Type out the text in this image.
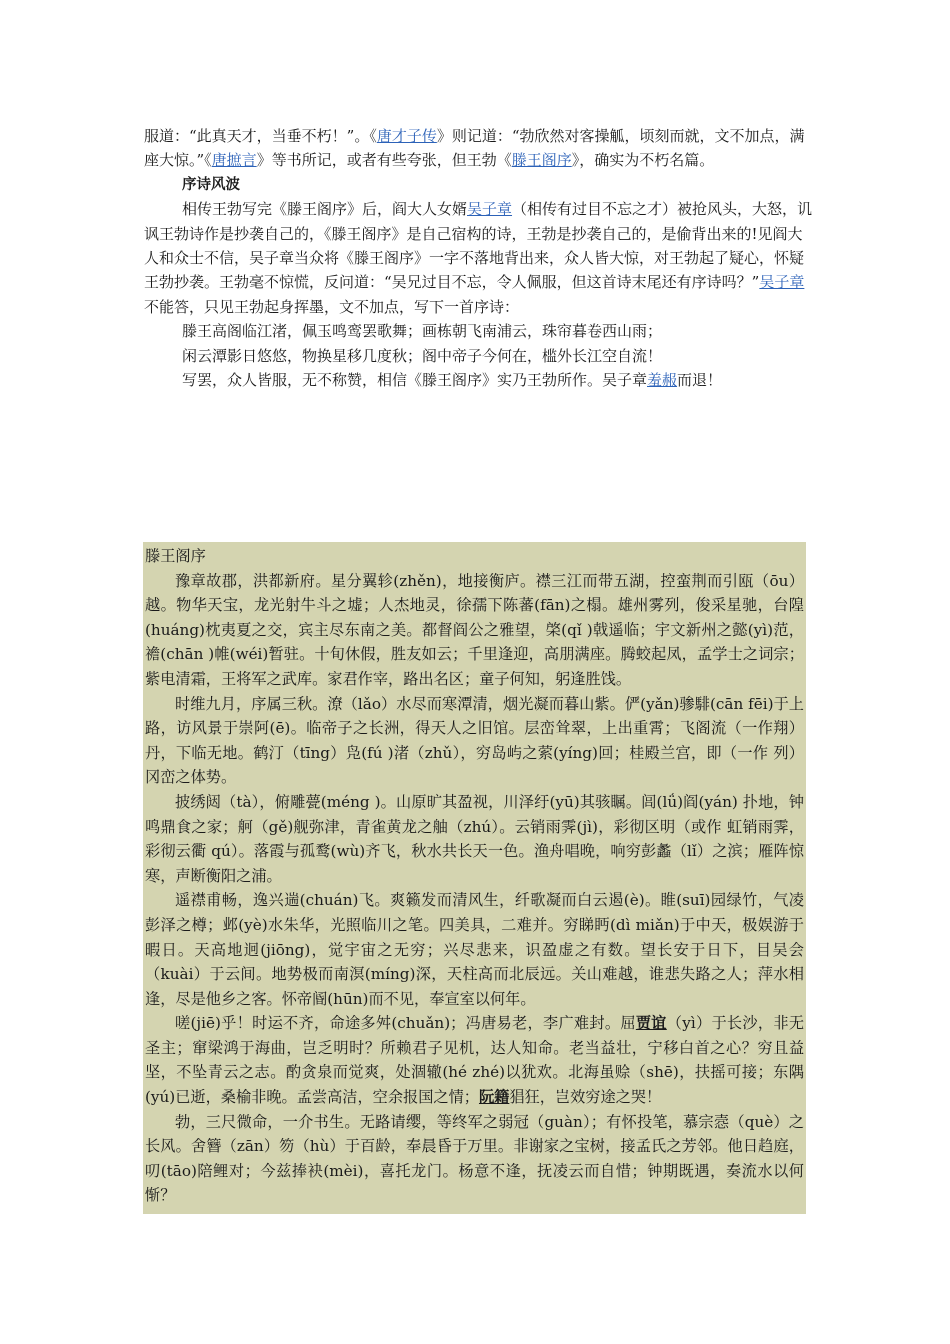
服道：“此真天才，当垂不朽！”。《唐才子传》则记道：“勃欣然对客操觚，顷刻而就，文不加点，满座大惊。”《唐摭言》等书所记，或者有些夸张，但王勃《滕王阁序》，确实为不朽名篇。

序诗风波

相传王勃写完《滕王阁序》后，阎大人女婿吴子章（相传有过目不忘之才）被抢风头，大怒，讥讽王勃诗作是抄袭自己的，《滕王阁序》是自己宿构的诗，王勃是抄袭自己的，是偷背出来的!见阎大人和众士不信，吴子章当众将《滕王阁序》一字不落地背出来，众人皆大惊，对王勃起了疑心，怀疑王勃抄袭。王勃毫不惊慌，反问道：“吴兄过目不忘，令人佩服，但这首诗末尾还有序诗吗？”吴子章不能答，只见王勃起身挥墨，文不加点，写下一首序诗：

滕王高阁临江渚，佩玉鸣鸾罢歌舞；画栋朝飞南浦云，珠帘暮卷西山雨；

闲云潭影日悠悠，物换星移几度秋；阁中帝子今何在，槛外长江空自流！

写罢，众人皆服，无不称赞，相信《滕王阁序》实乃王勃所作。吴子章羞赧而退！

滕王阁序

豫章故郡，洪都新府。星分翼轸(zhěn)，地接衡庐。襟三江而带五湖，控蛮荆而引瓯（ōu）越。物华天宝，龙光射牛斗之墟；人杰地灵，徐孺下陈蕃(fān)之榻。雄州雾列，俊采星驰，台隍(huáng)枕夷夏之交，宾主尽东南之美。都督阎公之雅望，棨(qǐ )戟遥临；宇文新州之懿(yì)范，襜(chān )帷(wéi)暂驻。十旬休假，胜友如云；千里逢迎，高朋满座。腾蛟起凤，孟学士之词宗；紫电清霜，王将军之武库。家君作宰，路出名区；童子何知，躬逢胜饯。

时维九月，序属三秋。潦（lǎo）水尽而寒潭清，烟光凝而暮山紫。俨(yǎn)骖騑(cān fēi)于上路，访风景于崇阿(ē)。临帝子之长洲，得天人之旧馆。层峦耸翠，上出重霄；飞阁流（一作翔）丹，下临无地。鹤汀（tīng）凫(fú )渚（zhǔ），穷岛屿之萦(yíng)回；桂殿兰宫，即（一作 列）冈峦之体势。

披绣闼（tà），俯雕甍(méng )。山原旷其盈视，川泽纡(yū)其骇瞩。闾(lǘ)阎(yán) 扑地，钟鸣鼎食之家；舸（gě)舰弥津，青雀黄龙之舳（zhú）。云销雨霁(jì)，彩彻区明（或作 虹销雨霁，彩彻云衢 qú）。落霞与孤鹜(wù)齐飞，秋水共长天一色。渔舟唱晚，响穷彭蠡（lǐ）之滨；雁阵惊寒，声断衡阳之浦。

遥襟甫畅，逸兴遄(chuán)飞。爽籁发而清风生，纤歌凝而白云遏(è)。睢(suī)园绿竹，气凌彭泽之樽；邺(yè)水朱华，光照临川之笔。四美具，二难并。穷睇眄(dì miǎn)于中天，极娱游于暇日。天高地迥(jiōng)，觉宇宙之无穷；兴尽悲来，识盈虚之有数。望长安于日下，目吴会（kuài）于云间。地势极而南溟(míng)深，天柱高而北辰远。关山难越，谁悲失路之人；萍水相逢，尽是他乡之客。怀帝阍(hūn)而不见，奉宣室以何年。

嗟(jiē)乎！时运不齐，命途多舛(chuǎn)；冯唐易老，李广难封。屈贾谊（yì）于长沙，非无圣主；窜梁鸿于海曲，岂乏明时？所赖君子见机，达人知命。老当益壮，宁移白首之心？穷且益坚，不坠青云之志。酌贪泉而觉爽，处涸辙(hé zhé)以犹欢。北海虽赊（shē)，扶摇可接；东隅(yú)已逝，桑榆非晚。孟尝高洁，空余报国之情；阮籍猖狂，岂效穷途之哭！

勃，三尺微命，一介书生。无路请缨，等终军之弱冠（guàn）；有怀投笔，慕宗悫（què）之长风。舍簪（zān）笏（hù）于百龄，奉晨昏于万里。非谢家之宝树，接孟氏之芳邻。他日趋庭，叨(tāo)陪鲤对；今兹捧袂(mèi)，喜托龙门。杨意不逢，抚凌云而自惜；钟期既遇，奏流水以何惭？
